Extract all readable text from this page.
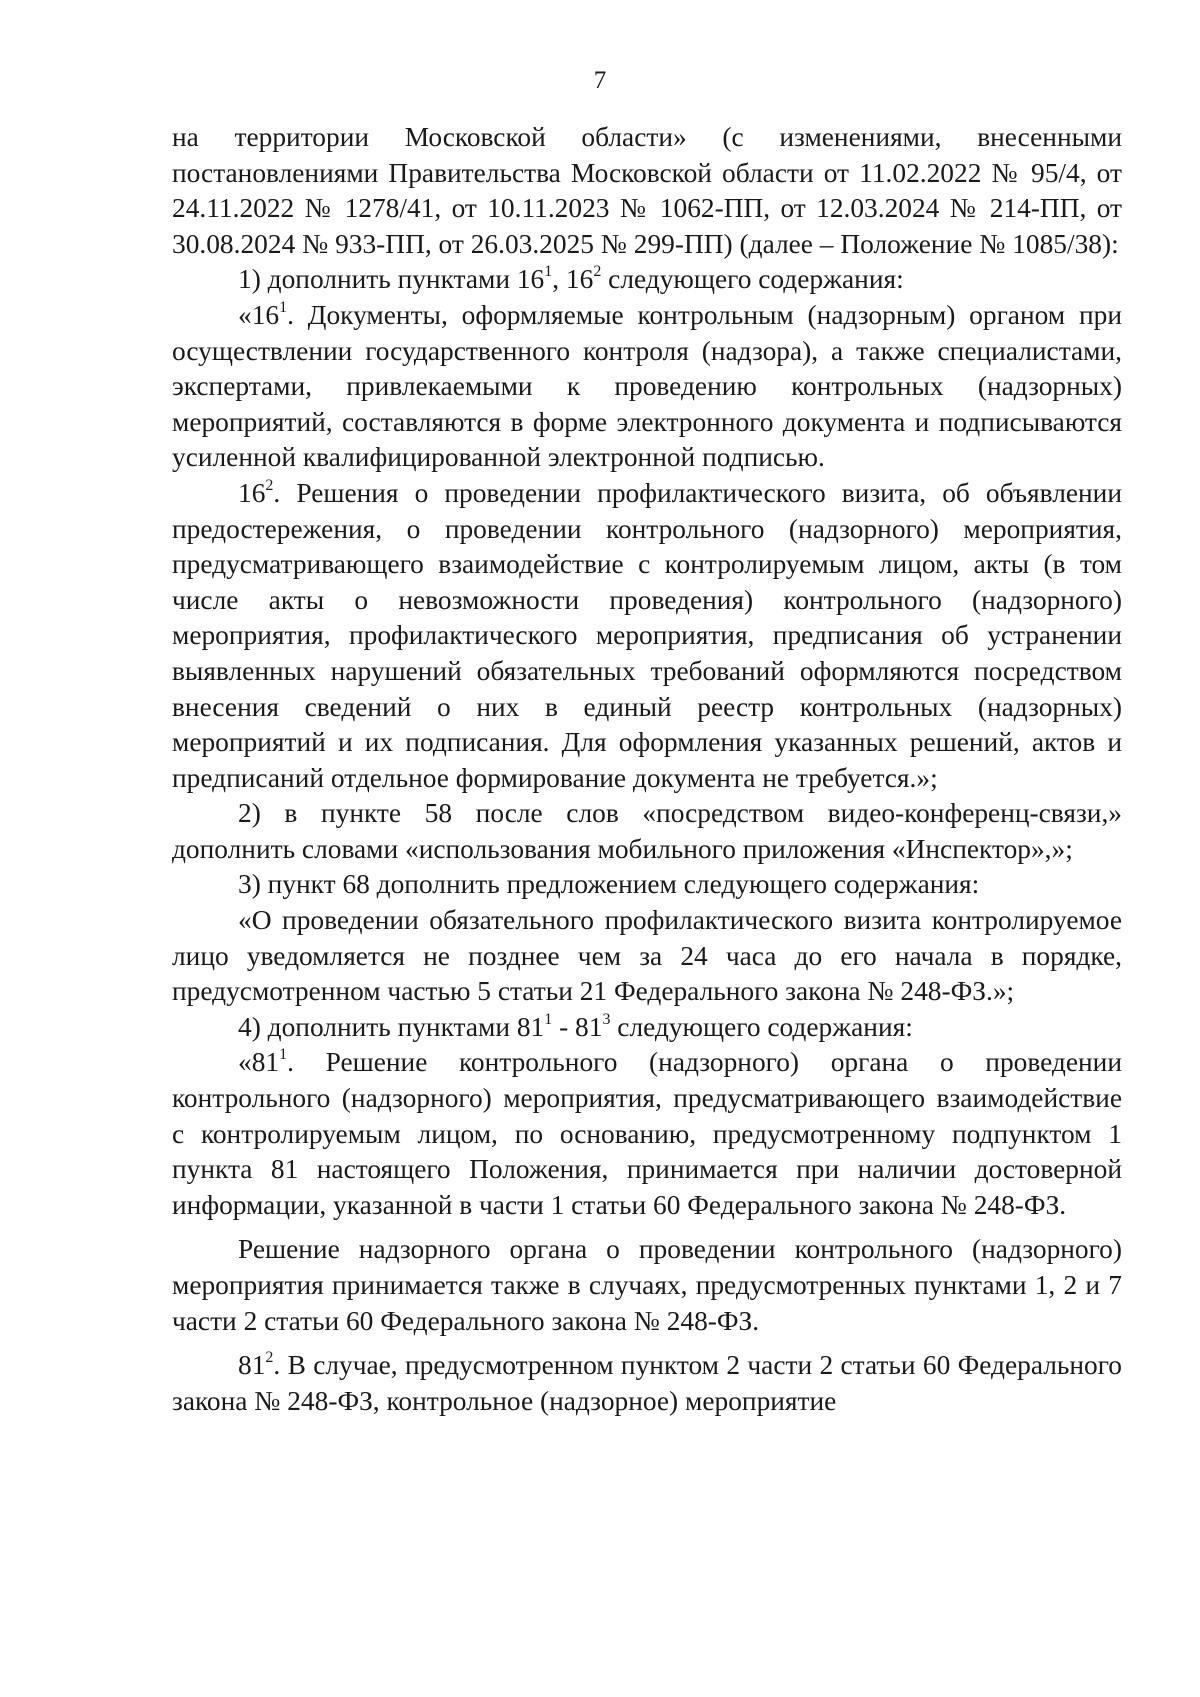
7

на территории Московской области» (с изменениями, внесенными постановлениями Правительства Московской области от 11.02.2022 № 95/4, от 24.11.2022 № 1278/41, от 10.11.2023 № 1062-ПП, от 12.03.2024 № 214-ПП, от 30.08.2024 № 933-ПП, от 26.03.2025 № 299-ПП) (далее – Положение № 1085/38):

1) дополнить пунктами $16^1$, $16^2$ следующего содержания:

«$16^1$. Документы, оформляемые контрольным (надзорным) органом при осуществлении государственного контроля (надзора), а также специалистами, экспертами, привлекаемыми к проведению контрольных (надзорных) мероприятий, составляются в форме электронного документа и подписываются усиленной квалифицированной электронной подписью.

$16^2$. Решения о проведении профилактического визита, об объявлении предостережения, о проведении контрольного (надзорного) мероприятия, предусматривающего взаимодействие с контролируемым лицом, акты (в том числе акты о невозможности проведения) контрольного (надзорного) мероприятия, профилактического мероприятия, предписания об устранении выявленных нарушений обязательных требований оформляются посредством внесения сведений о них в единый реестр контрольных (надзорных) мероприятий и их подписания. Для оформления указанных решений, актов и предписаний отдельное формирование документа не требуется.»;

2) в пункте 58 после слов «посредством видео-конференц-связи,» дополнить словами «использования мобильного приложения «Инспектор»,»;

3) пункт 68 дополнить предложением следующего содержания:

«О проведении обязательного профилактического визита контролируемое лицо уведомляется не позднее чем за 24 часа до его начала в порядке, предусмотренном частью 5 статьи 21 Федерального закона № 248-ФЗ.»;

4) дополнить пунктами $81^1 - 81^3$ следующего содержания:

«$81^1$. Решение контрольного (надзорного) органа о проведении контрольного (надзорного) мероприятия, предусматривающего взаимодействие с контролируемым лицом, по основанию, предусмотренному подпунктом 1 пункта 81 настоящего Положения, принимается при наличии достоверной информации, указанной в части 1 статьи 60 Федерального закона № 248-ФЗ.

Решение надзорного органа о проведении контрольного (надзорного) мероприятия принимается также в случаях, предусмотренных пунктами 1, 2 и 7 части 2 статьи 60 Федерального закона № 248-ФЗ.

$81^2$. В случае, предусмотренном пунктом 2 части 2 статьи 60 Федерального закона № 248-ФЗ, контрольное (надзорное) мероприятие
